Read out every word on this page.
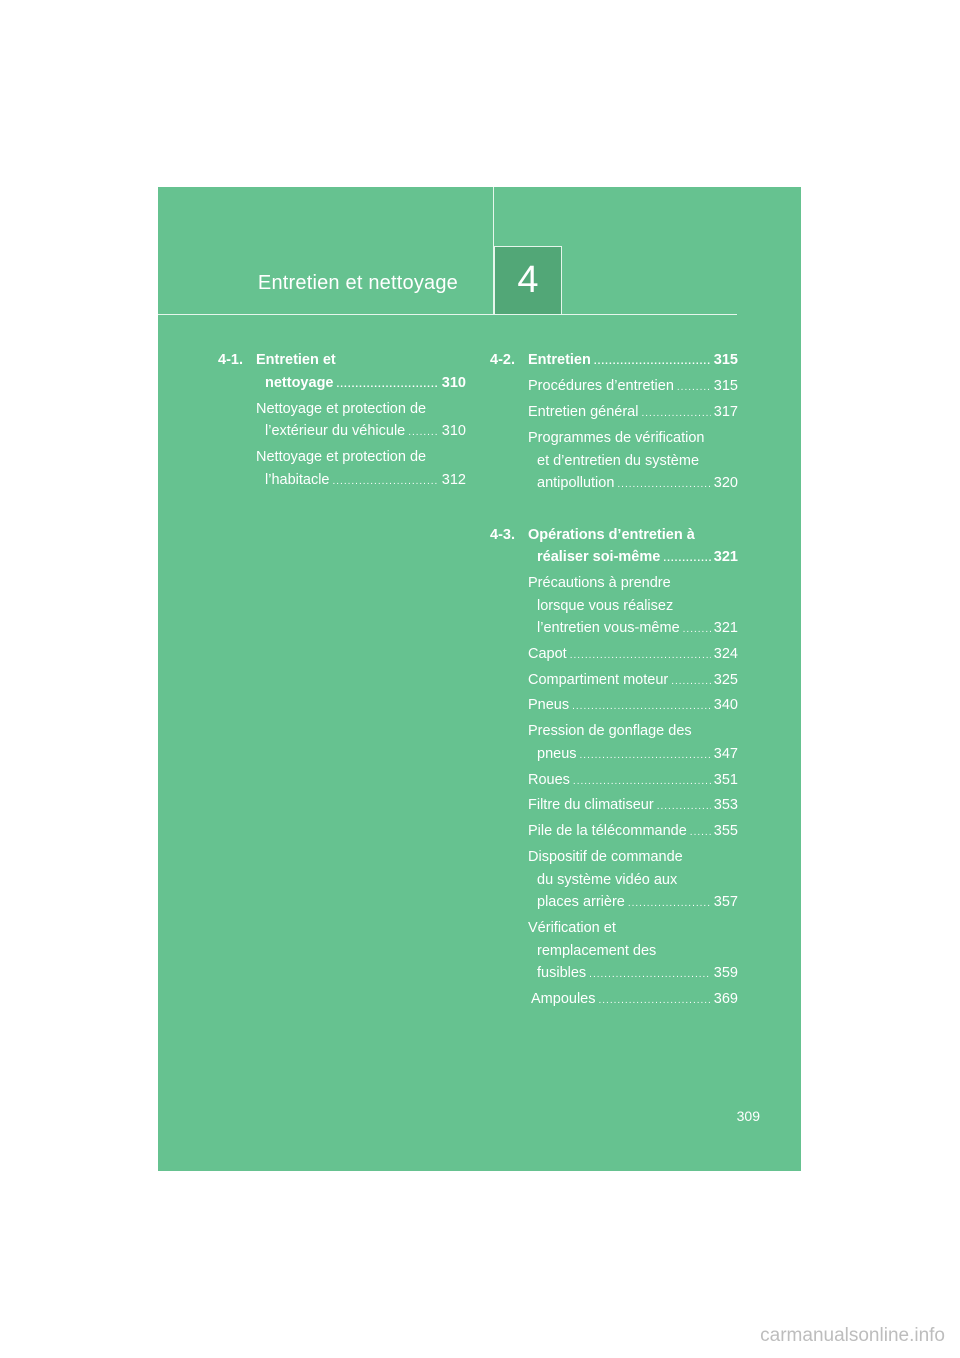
Entretien et nettoyage	4
4-1. Entretien et
nettoyage .....	310
Nettoyage et protection de
l’extérieur du véhicule .....	310
Nettoyage et protection de
l’habitacle .....	312
4-2. Entretien .....	315
Procédures d’entretien .....	315
Entretien général .....	317
Programmes de vérification
et d’entretien du système
antipollution .....	320
4-3. Opérations d’entretien à
réaliser soi-même .....	321
Précautions à prendre
lorsque vous réalisez
l’entretien vous-même ..... 321
Capot .....	324
Compartiment moteur .....	325
Pneus .....	340
Pression de gonflage des
pneus .....	347
Roues .....	351
Filtre du climatiseur .....	353
Pile de la télécommande ..... 355
Dispositif de commande
du système vidéo aux
places arrière .....	357
Vérification et
remplacement des
fusibles .....	359
Ampoules .....	369
309
carmanualsonline.info
